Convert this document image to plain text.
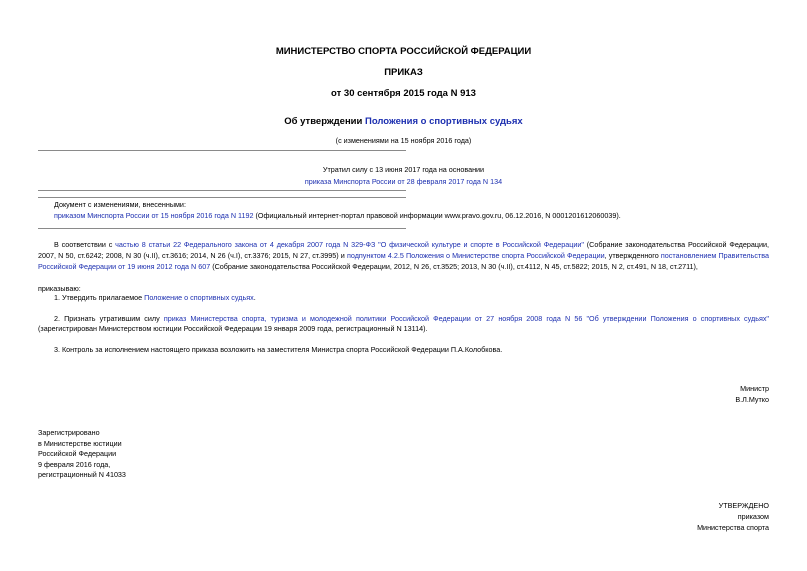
МИНИСТЕРСТВО СПОРТА РОССИЙСКОЙ ФЕДЕРАЦИИ
ПРИКАЗ
от 30 сентября 2015 года N 913
Об утверждении Положения о спортивных судьях
(с изменениями на 15 ноября 2016 года)
Утратил силу с 13 июня 2017 года на основании
приказа Минспорта России от 28 февраля 2017 года N 134
Документ с изменениями, внесенными:
приказом Минспорта России от 15 ноября 2016 года N 1192 (Официальный интернет-портал правовой информации www.pravo.gov.ru, 06.12.2016, N 0001201612060039).
В соответствии с частью 8 статьи 22 Федерального закона от 4 декабря 2007 года N 329-ФЗ "О физической культуре и спорте в Российской Федерации" (Собрание законодательства Российской Федерации,
2007, N 50, ст.6242; 2008, N 30 (ч.II), ст.3616; 2014, N 26 (ч.I), ст.3376; 2015, N 27, ст.3995) и подпунктом 4.2.5 Положения о Министерстве спорта Российской Федерации, утвержденного постановлением Правительства
Российской Федерации от 19 июня 2012 года N 607 (Собрание законодательства Российской Федерации, 2012, N 26, ст.3525; 2013, N 30 (ч.II), ст.4112, N 45, ст.5822; 2015, N 2, ст.491, N 18, ст.2711),
приказываю:
1. Утвердить прилагаемое Положение о спортивных судьях.
2. Признать утратившим силу приказ Министерства спорта, туризма и молодежной политики Российской Федерации от 27 ноября 2008 года N 56 "Об утверждении Положения о спортивных судьях"
(зарегистрирован Министерством юстиции Российской Федерации 19 января 2009 года, регистрационный N 13114).
3. Контроль за исполнением настоящего приказа возложить на заместителя Министра спорта Российской Федерации П.А.Колобкова.
Министр
В.Л.Мутко
Зарегистрировано
в Министерстве юстиции
Российской Федерации
9 февраля 2016 года,
регистрационный N 41033
УТВЕРЖДЕНО
приказом
Министерства спорта
